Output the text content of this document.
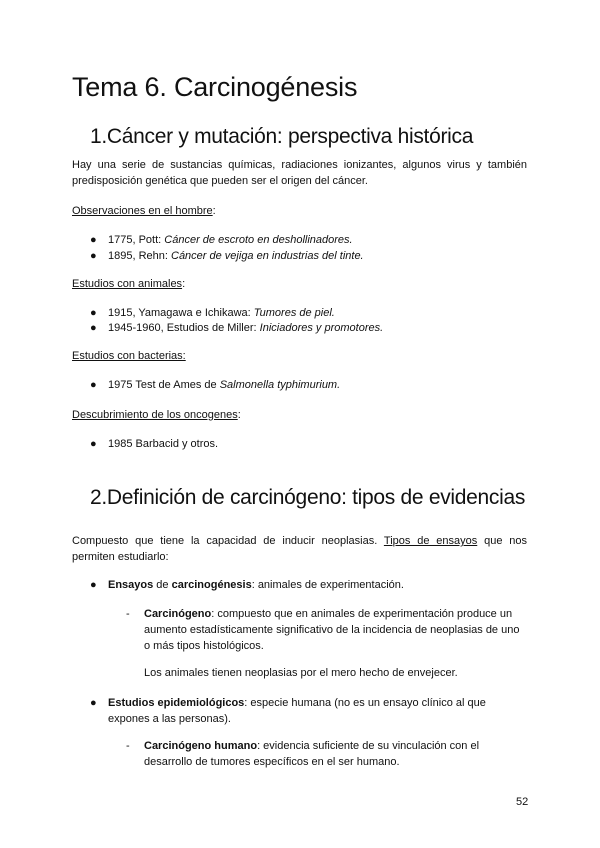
Tema 6. Carcinogénesis
1.Cáncer y mutación: perspectiva histórica

Hay una serie de sustancias químicas, radiaciones ionizantes, algunos virus y también predisposición genética que pueden ser el origen del cáncer.

Observaciones en el hombre:

● 1775, Pott: Cáncer de escroto en deshollinadores.
● 1895, Rehn: Cáncer de vejiga en industrias del tinte.

Estudios con animales:

● 1915, Yamagawa e Ichikawa: Tumores de piel.
● 1945-1960, Estudios de Miller: Iniciadores y promotores.

Estudios con bacterias:

● 1975 Test de Ames de Salmonella typhimurium.

Descubrimiento de los oncogenes:

● 1985 Barbacid y otros.
2.Definición de carcinógeno: tipos de evidencias

Compuesto que tiene la capacidad de inducir neoplasias. Tipos de ensayos que nos permiten estudiarlo:

● Ensayos de carcinogénesis: animales de experimentación.
- Carcinógeno: compuesto que en animales de experimentación produce un
aumento estadísticamente significativo de la incidencia de neoplasias de uno
o más tipos histológicos.

Los animales tienen neoplasias por el mero hecho de envejecer.

● Estudios epidemiológicos: especie humana (no es un ensayo clínico al que
expones a las personas).
- Carcinógeno humano: evidencia suficiente de su vinculación con el
desarrollo de tumores específicos en el ser humano.
52
